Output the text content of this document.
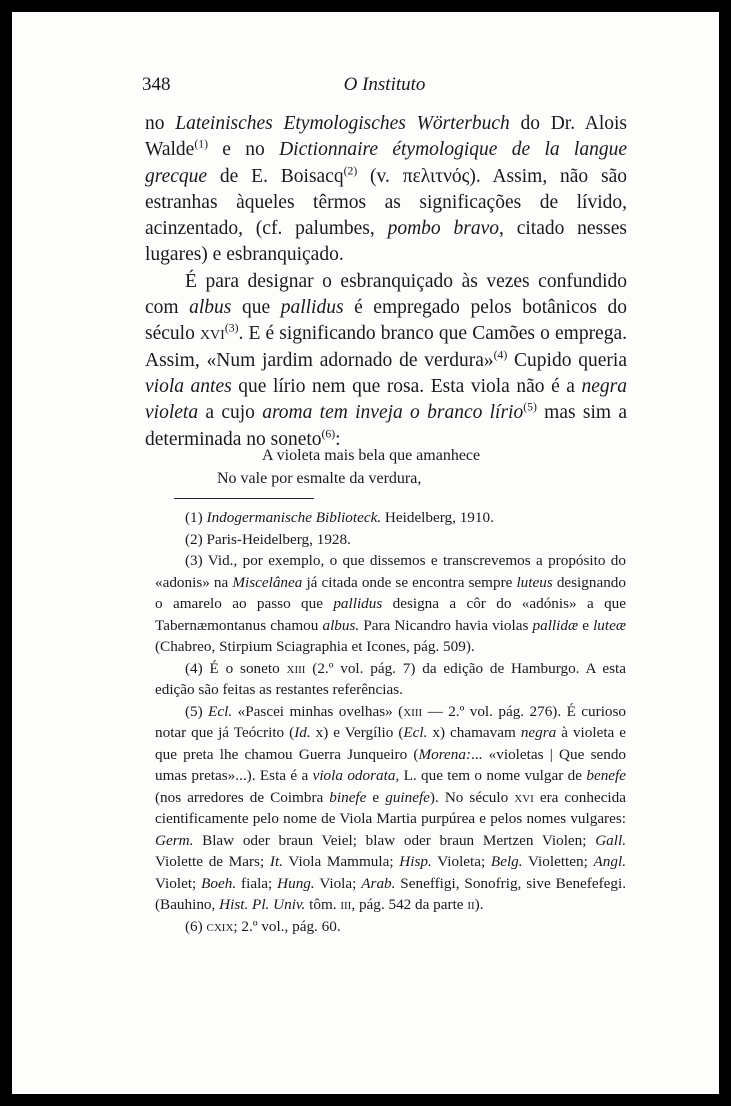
348	O Instituto

no Lateinisches Etymologisches Wörterbuch do Dr. Alois Walde$^{(1)}$ e no Dictionnaire étymologique de la langue grecque de E. Boisacq$^{(2)}$ (v. πελιτνός). Assim, não são estranhas àqueles têrmos as significações de lívido, acinzentado, (cf. palumbes, pombo bravo, citado nesses lugares) e esbranquiçado.

É para designar o esbranquiçado às vezes confundido com albus que pallidus é empregado pelos botânicos do século xvi$^{(3)}$. E é significando branco que Camões o emprega. Assim, «Num jardim adornado de verdura»$^{(4)}$ Cupido queria viola antes que lírio nem que rosa. Esta viola não é a negra violeta a cujo aroma tem inveja o branco lírio$^{(5)}$ mas sim a determinada no soneto$^{(6)}$:

A violeta mais bela que amanhece
No vale por esmalte da verdura,

(1) Indogermanische Biblioteck. Heidelberg, 1910.

(2) Paris-Heidelberg, 1928.

(3) Vid., por exemplo, o que dissemos e transcrevemos a propósito do «adonis» na Miscelânea já citada onde se encontra sempre luteus designando o amarelo ao passo que pallidus designa a côr do «adónis» a que Tabernæmontanus chamou albus. Para Nicandro havia violas pallidæ e luteæ (Chabreo, Stirpium Sciagraphia et Icones, pág. 509).

(4) É o soneto xiii (2.º vol. pág. 7) da edição de Hamburgo. A esta edição são feitas as restantes referências.

(5) Ecl. «Pascei minhas ovelhas» (xiii — 2.º vol. pág. 276). É curioso notar que já Teócrito (Id. x) e Vergílio (Ecl. x) chamavam negra à violeta e que preta lhe chamou Guerra Junqueiro (Morena:... «violetas | Que sendo umas pretas»...). Esta é a viola odorata, L. que tem o nome vulgar de benefe (nos arredores de Coimbra binefe e guinefe). No século xvi era conhecida cientificamente pelo nome de Viola Martia purpúrea e pelos nomes vulgares: Germ. Blaw oder braun Veiel; blaw oder braun Mertzen Violen; Gall. Violette de Mars; It. Viola Mammula; Hisp. Violeta; Belg. Violetten; Angl. Violet; Boeh. fiala; Hung. Viola; Arab. Seneffigi, Sonofrig, sive Benefefegi. (Bauhino, Hist. Pl. Univ. tôm. iii, pág. 542 da parte ii).

(6) cxix; 2.º vol., pág. 60.
